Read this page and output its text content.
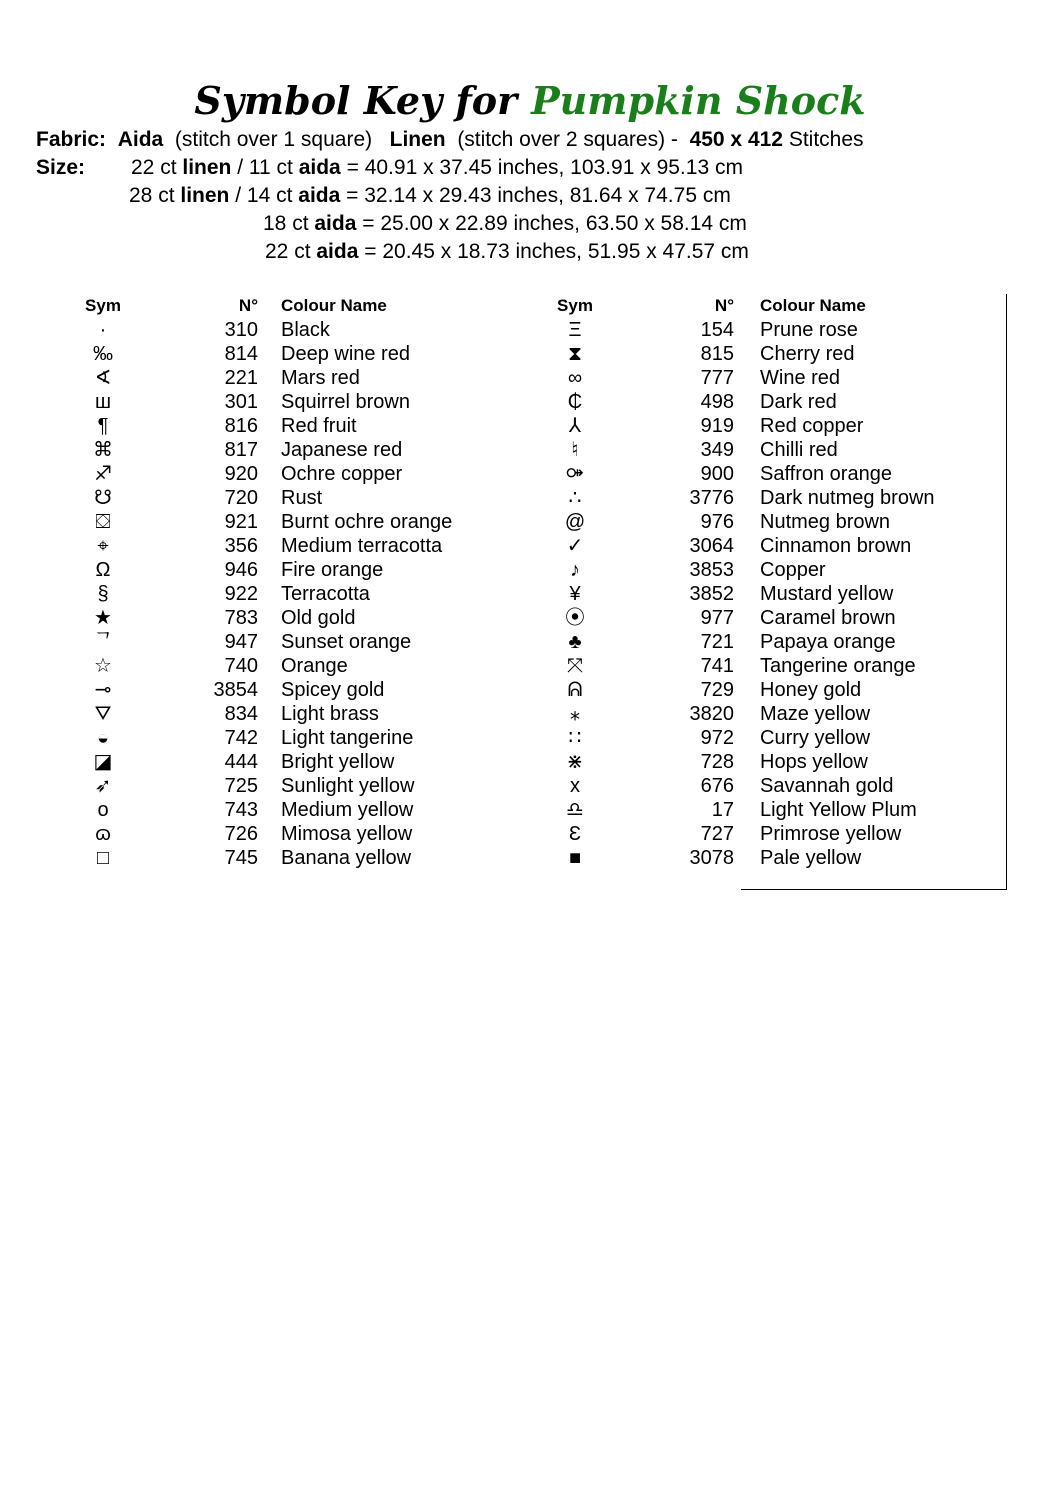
Symbol Key for Pumpkin Shock
Fabric: Aida (stitch over 1 square) Linen (stitch over 2 squares) - 450 x 412 Stitches
Size: 22 ct linen / 11 ct aida = 40.91 x 37.45 inches, 103.91 x 95.13 cm
28 ct linen / 14 ct aida = 32.14 x 29.43 inches, 81.64 x 74.75 cm
18 ct aida = 25.00 x 22.89 inches, 63.50 x 58.14 cm
22 ct aida = 20.45 x 18.73 inches, 51.95 x 47.57 cm
Sym	N° Colour Name
·	310 Black
‰	814 Deep wine red
∢	221 Mars red
ш	301 Squirrel brown
¶	816 Red fruit
⌘	817 Japanese red
♐	920 Ochre copper
☋	720 Rust
⛋	921 Burnt ochre orange
⌖	356 Medium terracotta
Ω	946 Fire orange
§	922 Terracotta
★	783 Old gold
ᄀ	947 Sunset orange
☆	740 Orange
⊸	3854 Spicey gold
⛛	834 Light brass
◒	742 Light tangerine
◪	444 Bright yellow
➶	725 Sunlight yellow
o	743 Medium yellow
ɷ	726 Mimosa yellow
□	745 Banana yellow
Sym	N° Colour Name
Ξ	154 Prune rose
⧗	815 Cherry red
∞	777 Wine red
₵	498 Dark red
⅄	919 Red copper
♮	349 Chilli red
⚩	900 Saffron orange
∴	3776 Dark nutmeg brown
@	976 Nutmeg brown
✓	3064 Cinnamon brown
♪	3853 Copper
¥	3852 Mustard yellow
⦿	977 Caramel brown
♣	721 Papaya orange
⤧	741 Tangerine orange
ᕱ	729 Honey gold
⁎	3820 Maze yellow
∷	972 Curry yellow
⋇	728 Hops yellow
x	676 Savannah gold
♎	17 Light Yellow Plum
Ɛ	727 Primrose yellow
■	3078 Pale yellow
